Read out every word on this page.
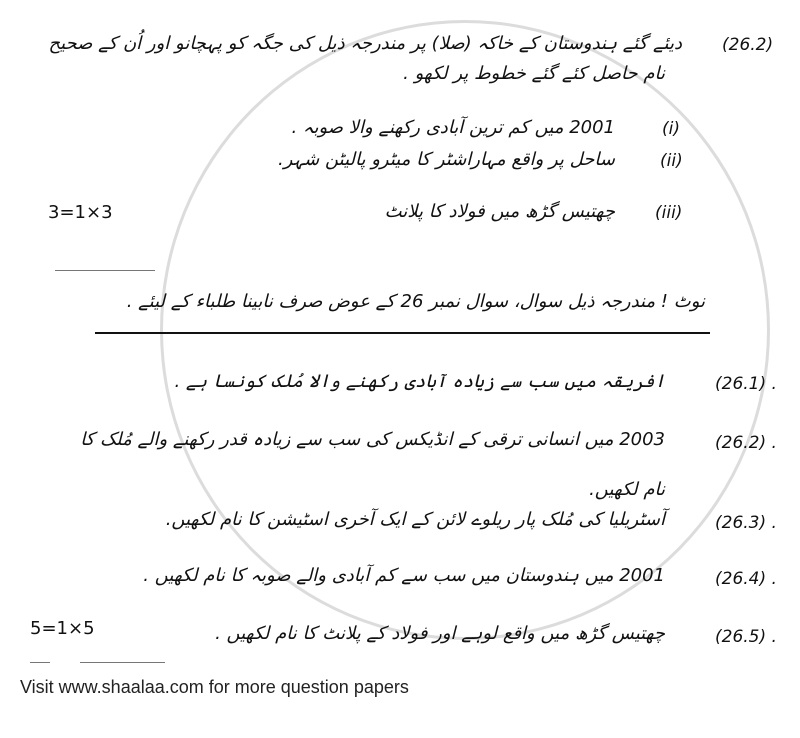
(26.2)
دیئے گئے ہندوستان کے خاکہ (صلا) پر مندرجہ ذیل کی جگہ کو پہچانو اور اُن کے صحیح
نام حاصل کئے گئے خطوط پر لکھو .
(i)
2001 میں کم ترین آبادی رکھنے والا صوبہ .
(ii)
ساحل پر واقع مہاراشٹر کا میٹرو پالیٹن شہر.
(iii)
چھتیس گڑھ میں فولاد کا پلانٹ
3=1×3
نوٹ ! مندرجہ ذیل سوال، سوال نمبر 26 کے عوض صرف نابینا طلباء کے لیئے .
(26.1) .
افریقہ میں سب سے زیادہ آبادی رکھنے والا مُلک کونسا ہے .
(26.2) .
2003 میں انسانی ترقی کے انڈیکس کی سب سے زیادہ قدر رکھنے والے مُلک کا
نام لکھیں.
(26.3) .
آسٹریلیا کی مُلک پار ریلوے لائن کے ایک آخری اسٹیشن کا نام لکھیں.
(26.4) .
2001 میں ہندوستان میں سب سے کم آبادی والے صوبہ کا نام لکھیں .
(26.5) .
چھتیس گڑھ میں واقع لوہے اور فولاد کے پلانٹ کا نام لکھیں .
5=1×5
Visit www.shaalaa.com for more question papers
